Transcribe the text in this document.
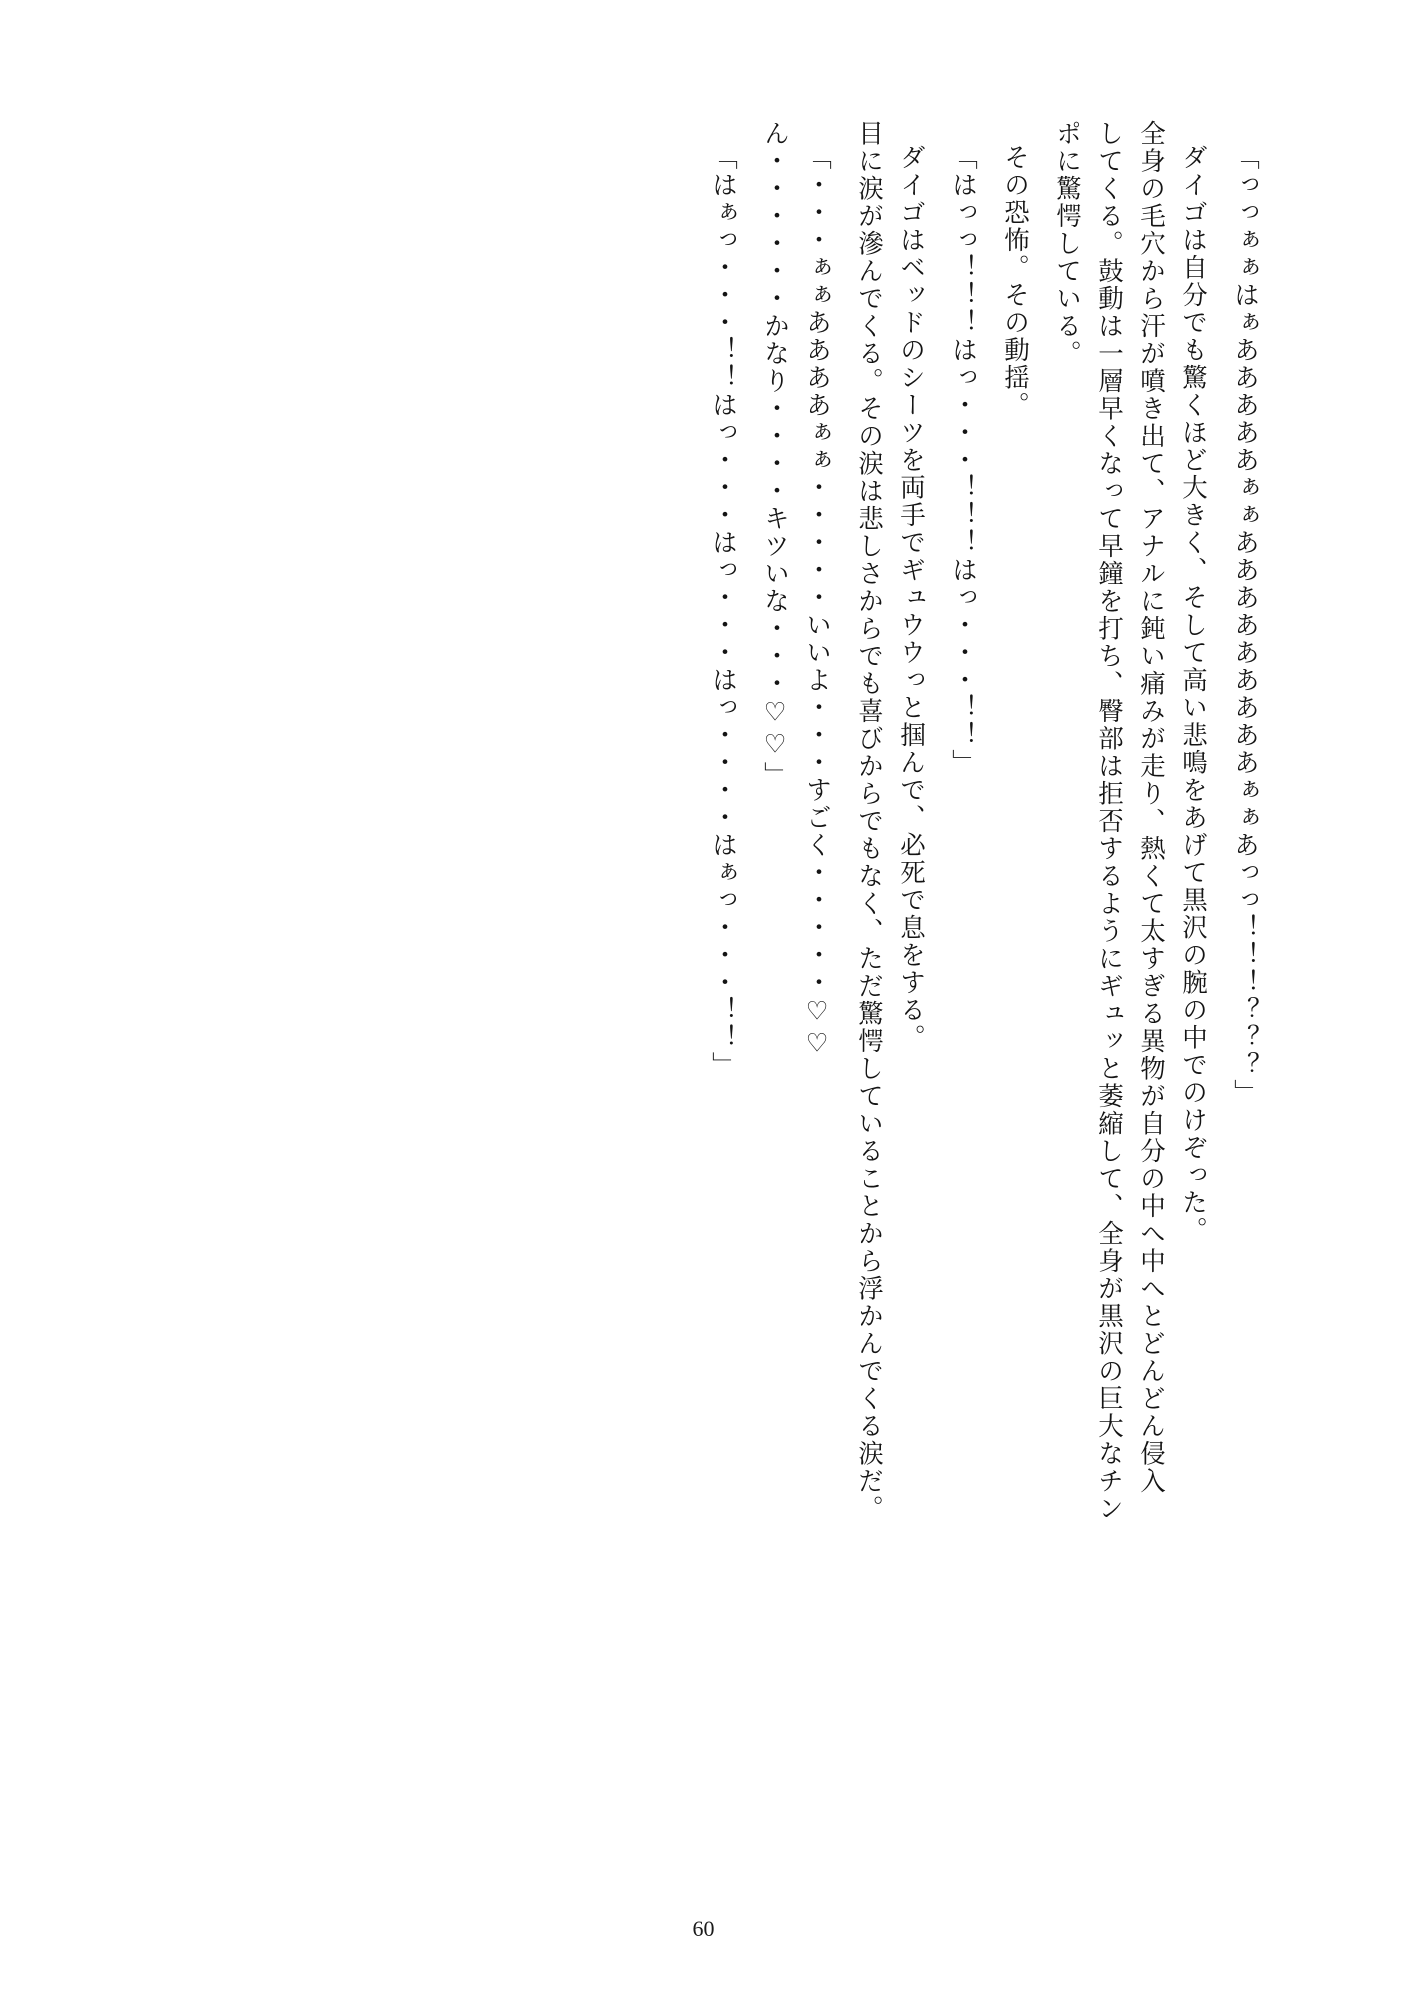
「っっぁぁはぁあああああぁぁあああああああああぁぁあっっ！！！？？？」
ダイゴは自分でも驚くほど大きく、そして高い悲鳴をあげて黒沢の腕の中でのけぞった。
全身の毛穴から汗が噴き出て、アナルに鈍い痛みが走り、熱くて太すぎる異物が自分の中へ中へとどんどん侵入
してくる。鼓動は一層早くなって早鐘を打ち、臀部は拒否するようにギュッと萎縮して、全身が黒沢の巨大なチン
ポに驚愕している。
その恐怖。その動揺。
「はっっ！！！はっ・・・！！！はっ・・・！！」
ダイゴはベッドのシーツを両手でギュウウっと掴んで、必死で息をする。
目に涙が滲んでくる。その涙は悲しさからでも喜びからでもなく、ただ驚愕していることから浮かんでくる涙だ。
「・・・ぁぁああああぁぁ・・・・・いいよ・・・すごく・・・・・♡♡
ん・・・・・・かなり・・・・キツいな・・・♡♡」
「はぁっ・・・！！はっ・・・はっ・・・はっ・・・・はぁっ・・・！！」
60
